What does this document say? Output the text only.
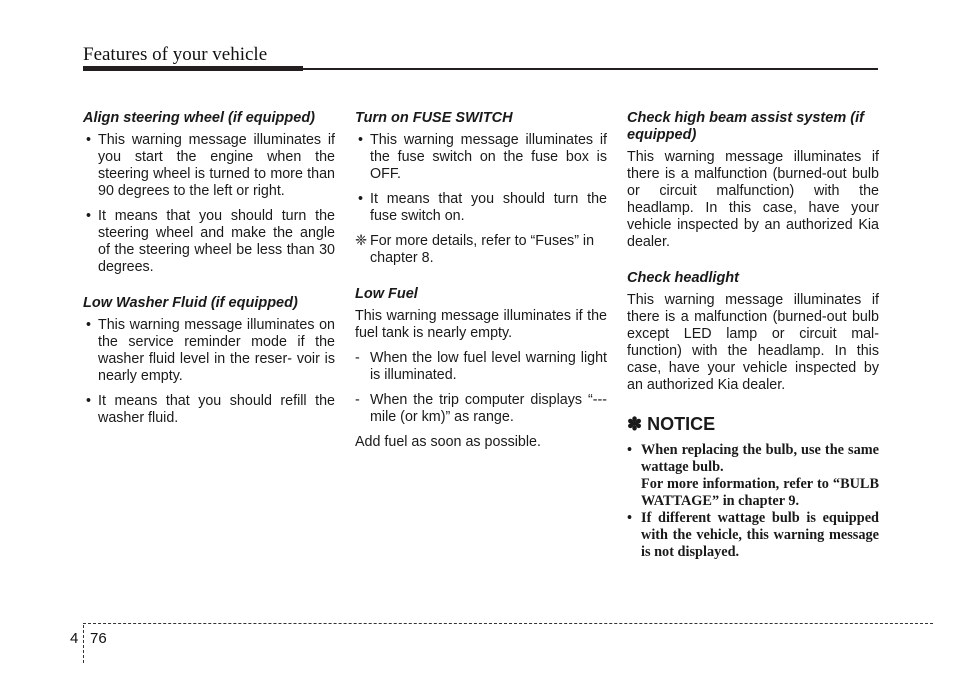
Features of your vehicle

Align steering wheel (if equipped)

• This warning message illuminates if you start the engine when the steering wheel is turned to more than 90 degrees to the left or right.

• It means that you should turn the steering wheel and make the angle of the steering wheel be less than 30 degrees.

Low Washer Fluid (if equipped)

• This warning message illuminates on the service reminder mode if the washer fluid level in the reser- voir is nearly empty.

• It means that you should refill the washer fluid.

Turn on FUSE SWITCH

• This warning message illuminates if the fuse switch on the fuse box is OFF.

• It means that you should turn the fuse switch on.

❈ For more details, refer to “Fuses” in chapter 8.

Low Fuel

This warning message illuminates if the fuel tank is nearly empty.

- When the low fuel level warning light is illuminated.
- When the trip computer displays “--- mile (or km)” as range.

Add fuel as soon as possible.

Check high beam assist system (if equipped)

This warning message illuminates if there is a malfunction (burned-out bulb or circuit malfunction) with the headlamp. In this case, have your vehicle inspected by an authorized Kia dealer.

Check headlight

This warning message illuminates if there is a malfunction (burned-out bulb except LED lamp or circuit mal- function) with the headlamp. In this case, have your vehicle inspected by an authorized Kia dealer.

✽ NOTICE
• When replacing the bulb, use the same wattage bulb.
For more information, refer to “BULB WATTAGE” in chapter 9.
• If different wattage bulb is equipped with the vehicle, this warning message is not displayed.
4 76
